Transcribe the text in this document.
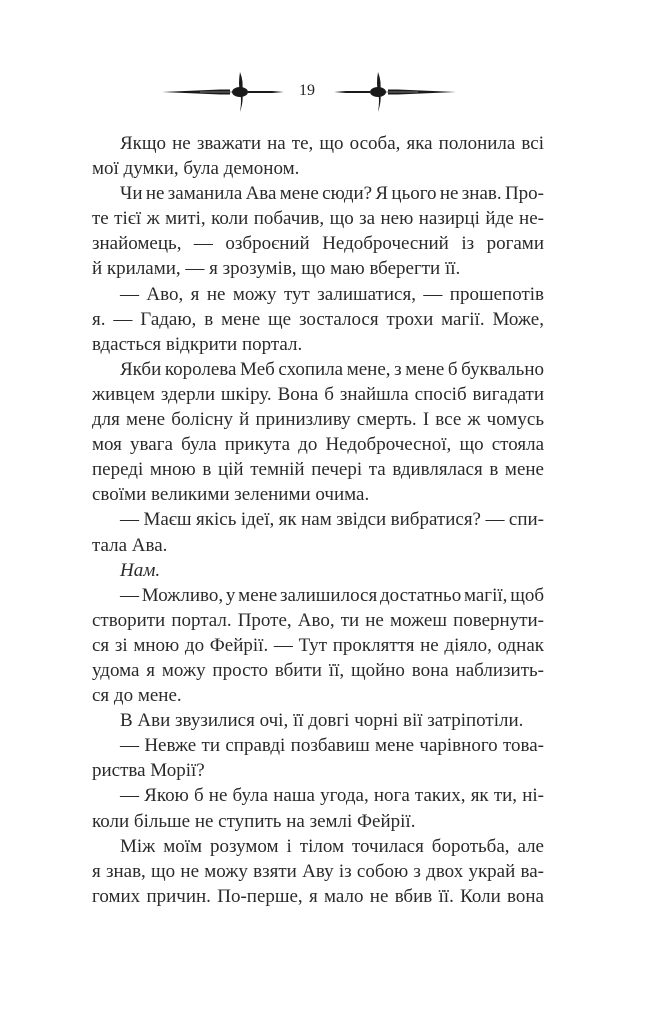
19
Якщо не зважати на те, що особа, яка полонила всі
мої думки, була демоном.
Чи не заманила Ава мене сюди? Я цього не знав. Про-
те тієї ж миті, коли побачив, що за нею назирці йде не-
знайомець, — озброєний Недоброчесний із рогами
й крилами, — я зрозумів, що маю вберегти її.
— Аво, я не можу тут залишатися, — прошепотів
я. — Гадаю, в мене ще зосталося трохи магії. Може,
вдасться відкрити портал.
Якби королева Меб схопила мене, з мене б буквально
живцем здерли шкіру. Вона б знайшла спосіб вигадати
для мене болісну й принизливу смерть. І все ж чомусь
моя увага була прикута до Недоброчесної, що стояла
переді мною в цій темній печері та вдивлялася в мене
своїми великими зеленими очима.
— Маєш якісь ідеї, як нам звідси вибратися? — спи-
тала Ава.
Нам.
— Можливо, у мене залишилося достатньо магії, щоб
створити портал. Проте, Аво, ти не можеш повернути-
ся зі мною до Фейрії. — Тут прокляття не діяло, однак
удома я можу просто вбити її, щойно вона наблизить-
ся до мене.
В Ави звузилися очі, її довгі чорні вії затріпотіли.
— Невже ти справді позбавиш мене чарівного това-
риства Морії?
— Якою б не була наша угода, нога таких, як ти, ні-
коли більше не ступить на землі Фейрії.
Між моїм розумом і тілом точилася боротьба, але
я знав, що не можу взяти Аву із собою з двох украй ва-
гомих причин. По-перше, я мало не вбив її. Коли вона
